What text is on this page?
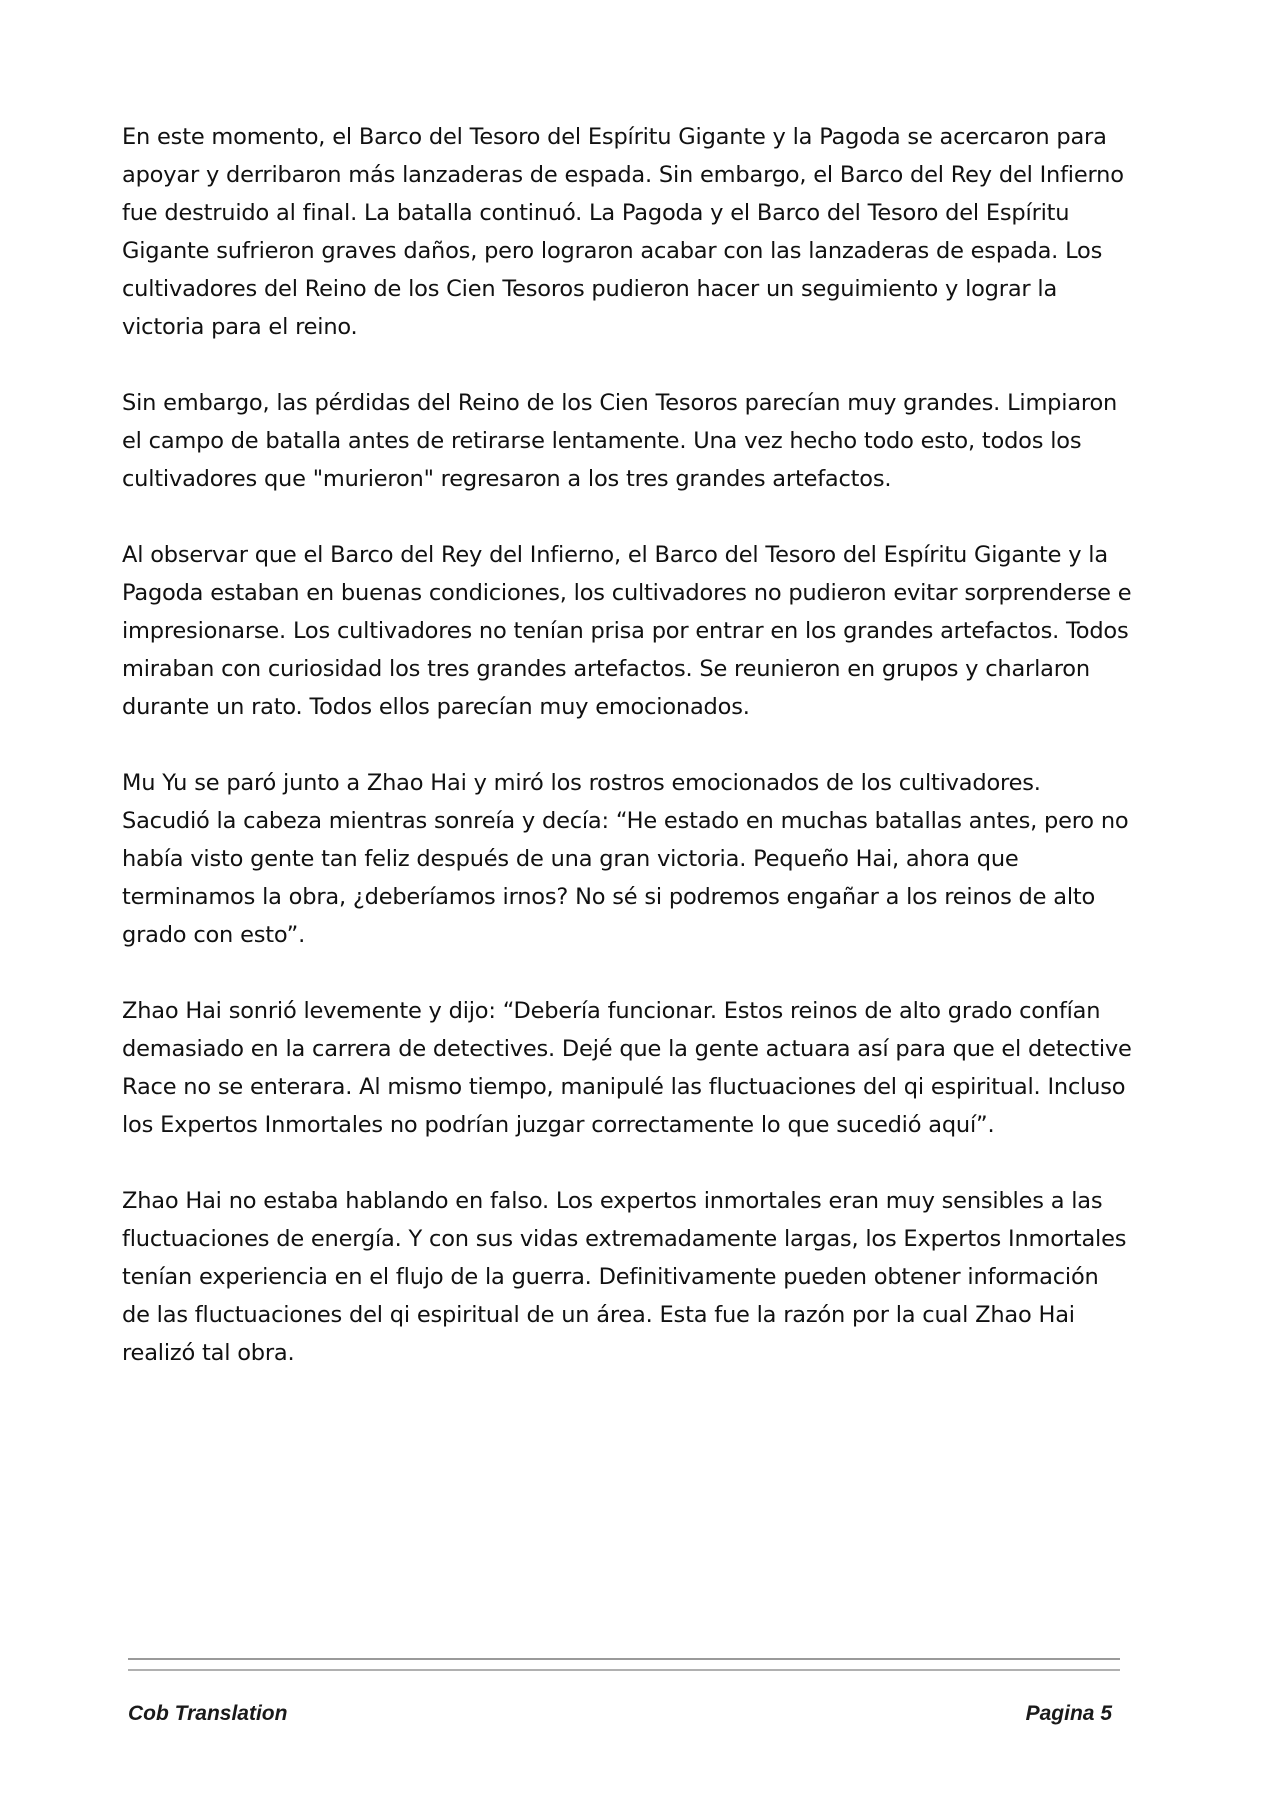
En este momento, el Barco del Tesoro del Espíritu Gigante y la Pagoda se acercaron para apoyar y derribaron más lanzaderas de espada. Sin embargo, el Barco del Rey del Infierno fue destruido al final. La batalla continuó. La Pagoda y el Barco del Tesoro del Espíritu Gigante sufrieron graves daños, pero lograron acabar con las lanzaderas de espada. Los cultivadores del Reino de los Cien Tesoros pudieron hacer un seguimiento y lograr la victoria para el reino.

Sin embargo, las pérdidas del Reino de los Cien Tesoros parecían muy grandes. Limpiaron el campo de batalla antes de retirarse lentamente. Una vez hecho todo esto, todos los cultivadores que "murieron" regresaron a los tres grandes artefactos.

Al observar que el Barco del Rey del Infierno, el Barco del Tesoro del Espíritu Gigante y la Pagoda estaban en buenas condiciones, los cultivadores no pudieron evitar sorprenderse e impresionarse. Los cultivadores no tenían prisa por entrar en los grandes artefactos. Todos miraban con curiosidad los tres grandes artefactos. Se reunieron en grupos y charlaron durante un rato. Todos ellos parecían muy emocionados.

Mu Yu se paró junto a Zhao Hai y miró los rostros emocionados de los cultivadores. Sacudió la cabeza mientras sonreía y decía: “He estado en muchas batallas antes, pero no había visto gente tan feliz después de una gran victoria. Pequeño Hai, ahora que terminamos la obra, ¿deberíamos irnos? No sé si podremos engañar a los reinos de alto grado con esto”.

Zhao Hai sonrió levemente y dijo: “Debería funcionar. Estos reinos de alto grado confían demasiado en la carrera de detectives. Dejé que la gente actuara así para que el detective Race no se enterara. Al mismo tiempo, manipulé las fluctuaciones del qi espiritual. Incluso los Expertos Inmortales no podrían juzgar correctamente lo que sucedió aquí”.

Zhao Hai no estaba hablando en falso. Los expertos inmortales eran muy sensibles a las fluctuaciones de energía. Y con sus vidas extremadamente largas, los Expertos Inmortales tenían experiencia en el flujo de la guerra. Definitivamente pueden obtener información de las fluctuaciones del qi espiritual de un área. Esta fue la razón por la cual Zhao Hai realizó tal obra.

Cob Translation	Pagina 5
